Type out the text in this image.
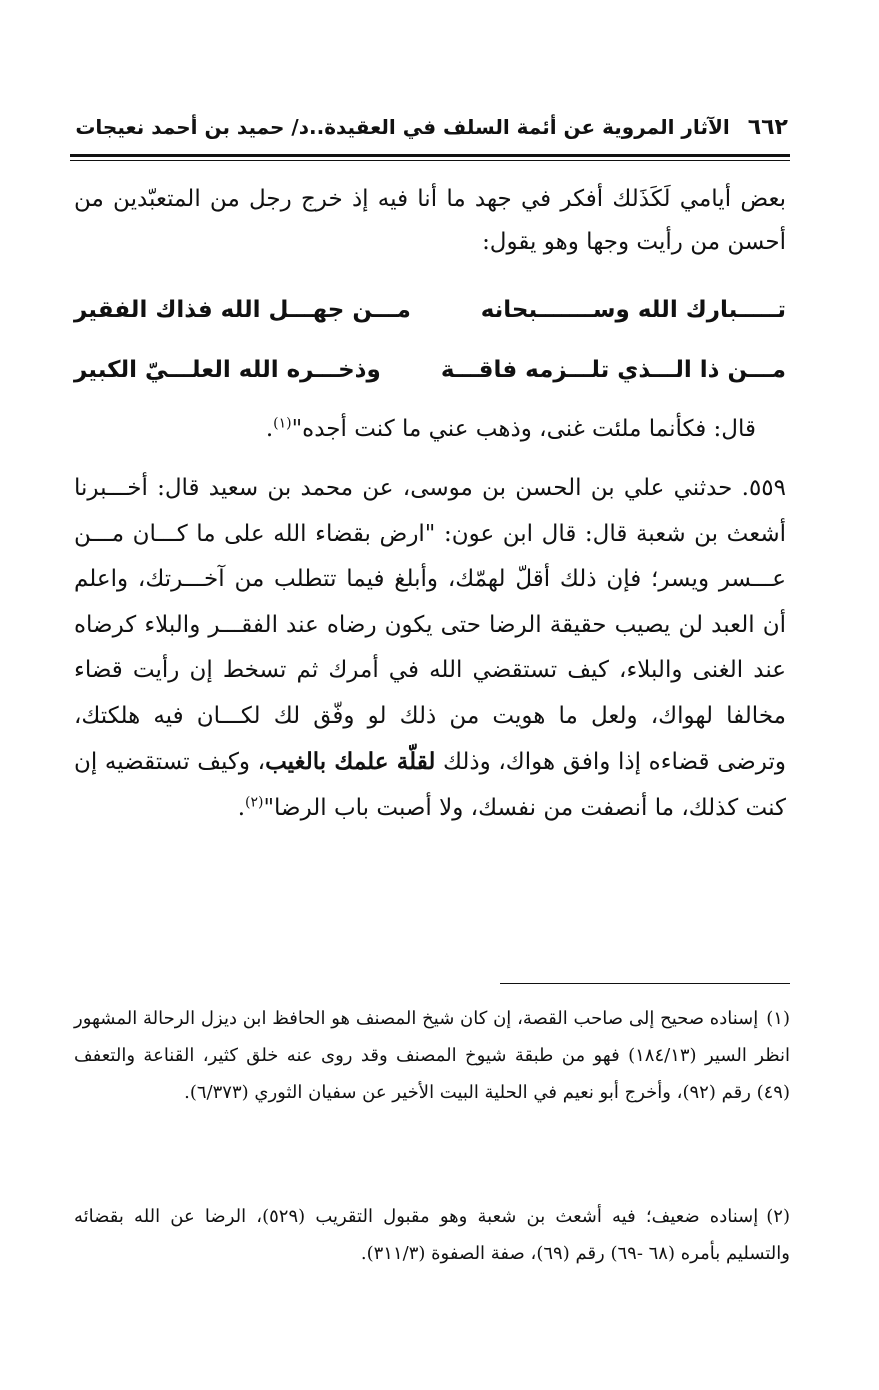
٦٦٢
الآثار المروية عن أئمة السلف في العقيدة..د/ حميد بن أحمد نعيجات

بعض أيامي لَكَذَلك أفكر في جهد ما أنا فيه إذ خرج رجل من المتعبّدين من أحسن من رأيت وجها وهو يقول:

تـــــبارك الله وســـــــبحانه
مـــن جهـــل الله فذاك الفقير
مـــن ذا الـــذي تلـــزمه فاقـــة
وذخـــره الله العلـــيّ الكبير

قال: فكأنما ملئت غنى، وذهب عني ما كنت أجده"$^{(١)}$.

٥٥٩. حدثني علي بن الحسن بن موسى، عن محمد بن سعيد قال: أخـــبرنا أشعث بن شعبة قال: قال ابن عون: "ارض بقضاء الله على ما كـــان مـــن عـــسر ويسر؛ فإن ذلك أقلّ لهمّك، وأبلغ فيما تتطلب من آخـــرتك، واعلم أن العبد لن يصيب حقيقة الرضا حتى يكون رضاه عند الفقـــر والبلاء كرضاه عند الغنى والبلاء، كيف تستقضي الله في أمرك ثم تسخط إن رأيت قضاء مخالفا لهواك، ولعل ما هويت من ذلك لو وفّق لك لكـــان فيه هلكتك، وترضى قضاءه إذا وافق هواك، وذلك لقلّة علمك بالغيب، وكيف تستقضيه إن كنت كذلك، ما أنصفت من نفسك، ولا أصبت باب الرضا"$^{(٢)}$.

(١)إسناده صحيح إلى صاحب القصة، إن كان شيخ المصنف هو الحافظ ابن ديزل الرحالة المشهور انظر السير (١٨٤/١٣) فهو من طبقة شيوخ المصنف وقد روى عنه خلق كثير، القناعة والتعفف (٤٩) رقم (٩٢)، وأخرج أبو نعيم في الحلية البيت الأخير عن سفيان الثوري (٦/٣٧٣).

(٢)إسناده ضعيف؛ فيه أشعث بن شعبة وهو مقبول التقريب (٥٢٩)، الرضا عن الله بقضائه والتسليم بأمره (٦٨ -٦٩) رقم (٦٩)، صفة الصفوة (٣١١/٣).
